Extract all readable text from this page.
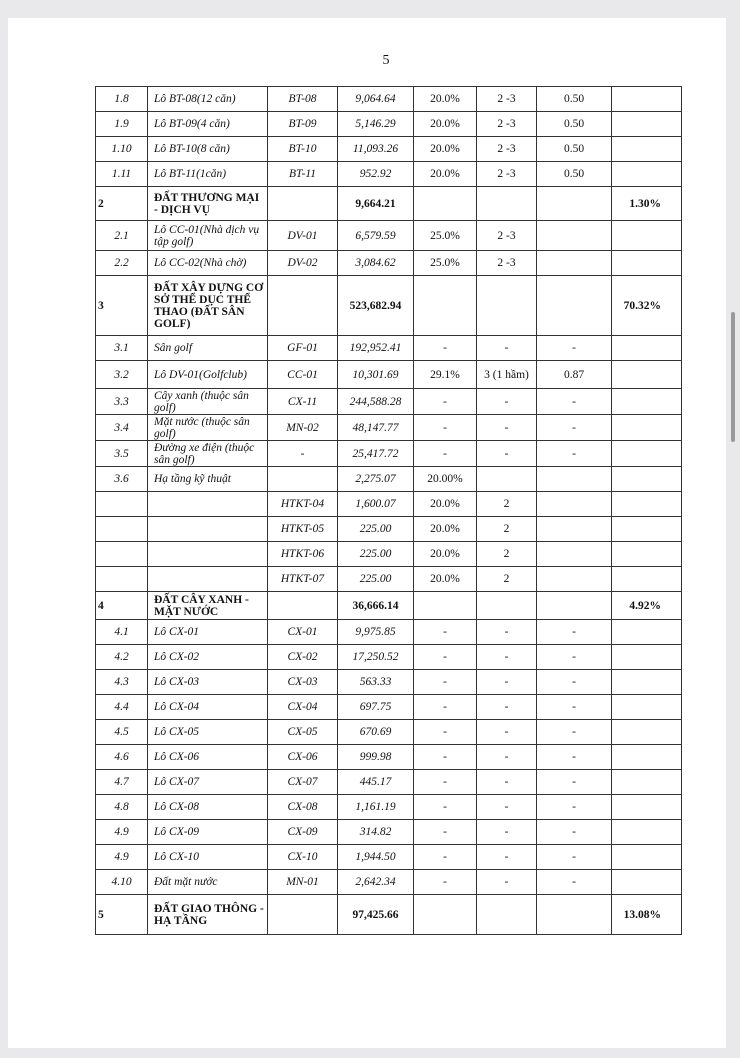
5
1.8	Lô BT-08(12 căn)	BT-08	9,064.64	20.0%	2 -3	0.50	
1.9	Lô BT-09(4 căn)	BT-09	5,146.29	20.0%	2 -3	0.50	
1.10	Lô BT-10(8 căn)	BT-10	11,093.26	20.0%	2 -3	0.50	
1.11	Lô BT-11(1căn)	BT-11	952.92	20.0%	2 -3	0.50	
2	ĐẤT THƯƠNG MẠI - DỊCH VỤ		9,664.21				1.30%
2.1	Lô CC-01(Nhà dịch vụ tập golf)	DV-01	6,579.59	25.0%	2 -3		
2.2	Lô CC-02(Nhà chờ)	DV-02	3,084.62	25.0%	2 -3		
3	ĐẤT XÂY DỰNG CƠ SỞ THỂ DỤC THỂ THAO (ĐẤT SÂN GOLF)		523,682.94				70.32%
3.1	Sân golf	GF-01	192,952.41	-	-	-	
3.2	Lô DV-01(Golfclub)	CC-01	10,301.69	29.1%	3 (1 hầm)	0.87	
3.3	Cây xanh (thuộc sân golf)	CX-11	244,588.28	-	-	-	
3.4	Mặt nước (thuộc sân golf)	MN-02	48,147.77	-	-	-	
3.5	Đường xe điện (thuộc sân golf)	-	25,417.72	-	-	-	
3.6	Hạ tầng kỹ thuật		2,275.07	20.00%			
		HTKT-04	1,600.07	20.0%	2		
		HTKT-05	225.00	20.0%	2		
		HTKT-06	225.00	20.0%	2		
		HTKT-07	225.00	20.0%	2		
4	ĐẤT CÂY XANH - MẶT NƯỚC		36,666.14				4.92%
4.1	Lô CX-01	CX-01	9,975.85	-	-	-	
4.2	Lô CX-02	CX-02	17,250.52	-	-	-	
4.3	Lô CX-03	CX-03	563.33	-	-	-	
4.4	Lô CX-04	CX-04	697.75	-	-	-	
4.5	Lô CX-05	CX-05	670.69	-	-	-	
4.6	Lô CX-06	CX-06	999.98	-	-	-	
4.7	Lô CX-07	CX-07	445.17	-	-	-	
4.8	Lô CX-08	CX-08	1,161.19	-	-	-	
4.9	Lô CX-09	CX-09	314.82	-	-	-	
4.9	Lô CX-10	CX-10	1,944.50	-	-	-	
4.10	Đất mặt nước	MN-01	2,642.34	-	-	-	
5	ĐẤT GIAO THÔNG - HẠ TẦNG		97,425.66				13.08%
